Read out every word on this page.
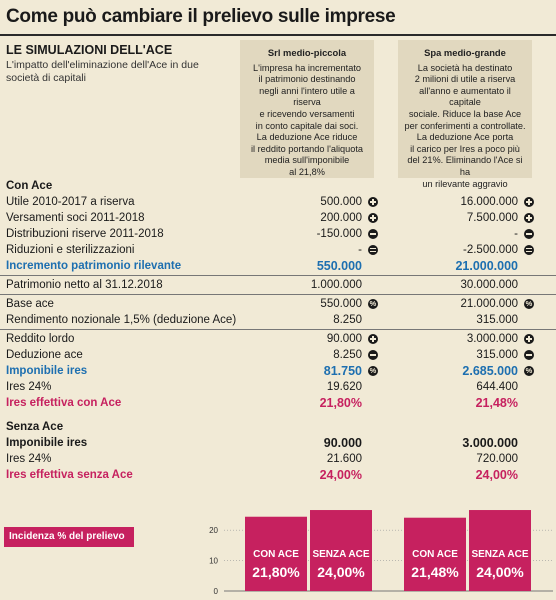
Come può cambiare il prelievo sulle imprese
LE SIMULAZIONI DELL'ACE
L'impatto dell'eliminazione dell'Ace in due società di capitali
Srl medio-piccola
L'impresa ha incrementato
il patrimonio destinando
negli anni l'intero utile a riserva
e ricevendo versamenti
in conto capitale dai soci.
La deduzione Ace riduce
il reddito portando l'aliquota
media sull'imponibile
al 21,8%
Spa medio-grande
La società ha destinato
2 milioni di utile a riserva
all'anno e aumentato il capitale
sociale. Riduce la base Ace
per conferimenti a controllate.
La deduzione Ace porta
il carico per Ires a poco più
del 21%. Eliminando l'Ace si ha
un rilevante aggravio
Con Ace
Utile 2010-2017 a riserva	500.000	16.000.000
Versamenti soci 2011-2018	200.000	7.500.000
Distribuzioni riserve 2011-2018	-150.000	-
Riduzioni e sterilizzazioni	-	-2.500.000
Incremento patrimonio rilevante	550.000	21.000.000
Patrimonio netto al 31.12.2018	1.000.000	30.000.000
Base ace	550.000 %	21.000.000
%
Rendimento nozionale 1,5% (deduzione Ace)	8.250	315.000
Reddito lordo	90.000	3.000.000
Deduzione ace	8.250	315.000
Imponibile ires	81.750 %	2.685.000
%
Ires 24%	19.620	644.400
Ires effettiva con Ace	21,80%	21,48%
Senza Ace
Imponibile ires	90.000	3.000.000
Ires 24%	21.600	720.000
Ires effettiva senza Ace	24,00%	24,00%
Incidenza % del prelievo
20
10
0
CON ACE
21,80%
SENZA ACE
24,00%
CON ACE
21,48%
SENZA ACE
24,00%
